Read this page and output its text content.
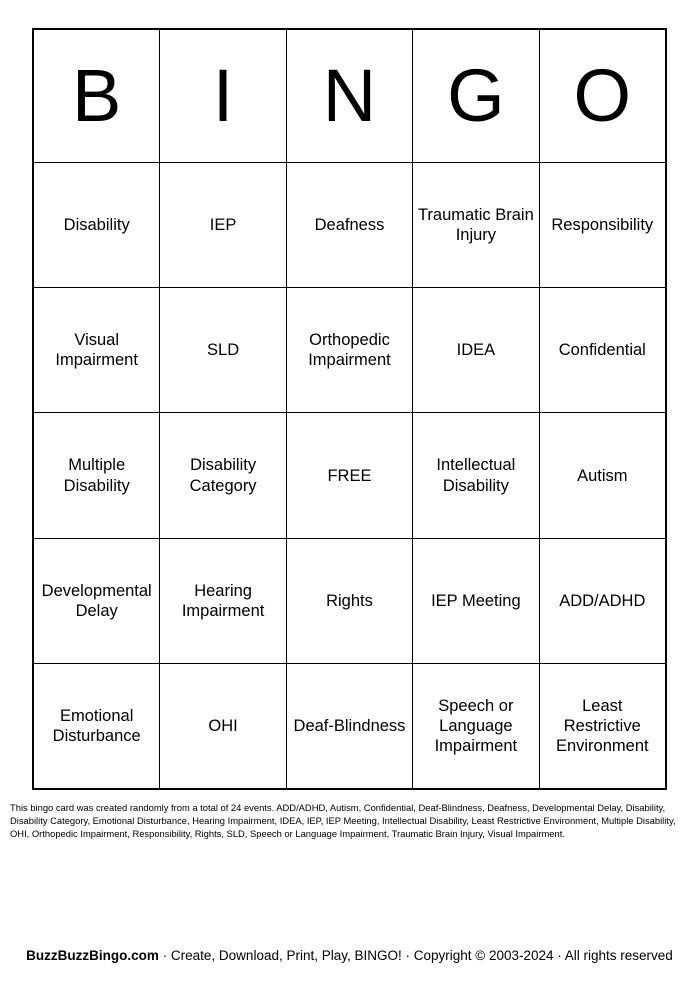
B	I	N	G	O
Disability	IEP	Deafness	Traumatic Brain Injury	Responsibility
Visual Impairment	SLD	Orthopedic Impairment	IDEA	Confidential
Multiple Disability	Disability Category	FREE	Intellectual Disability	Autism
Developmental Delay	Hearing Impairment	Rights	IEP Meeting	ADD/ADHD
Emotional Disturbance	OHI	Deaf-Blindness	Speech or Language Impairment	Least Restrictive Environment
This bingo card was created randomly from a total of 24 events. ADD/ADHD, Autism, Confidential, Deaf-Blindness, Deafness, Developmental Delay, Disability, Disability Category, Emotional Disturbance, Hearing Impairment, IDEA, IEP, IEP Meeting, Intellectual Disability, Least Restrictive Environment, Multiple Disability, OHI, Orthopedic Impairment, Responsibility, Rights, SLD, Speech or Language Impairment, Traumatic Brain Injury, Visual Impairment.
BuzzBuzzBingo.com · Create, Download, Print, Play, BINGO! · Copyright © 2003-2024 · All rights reserved
